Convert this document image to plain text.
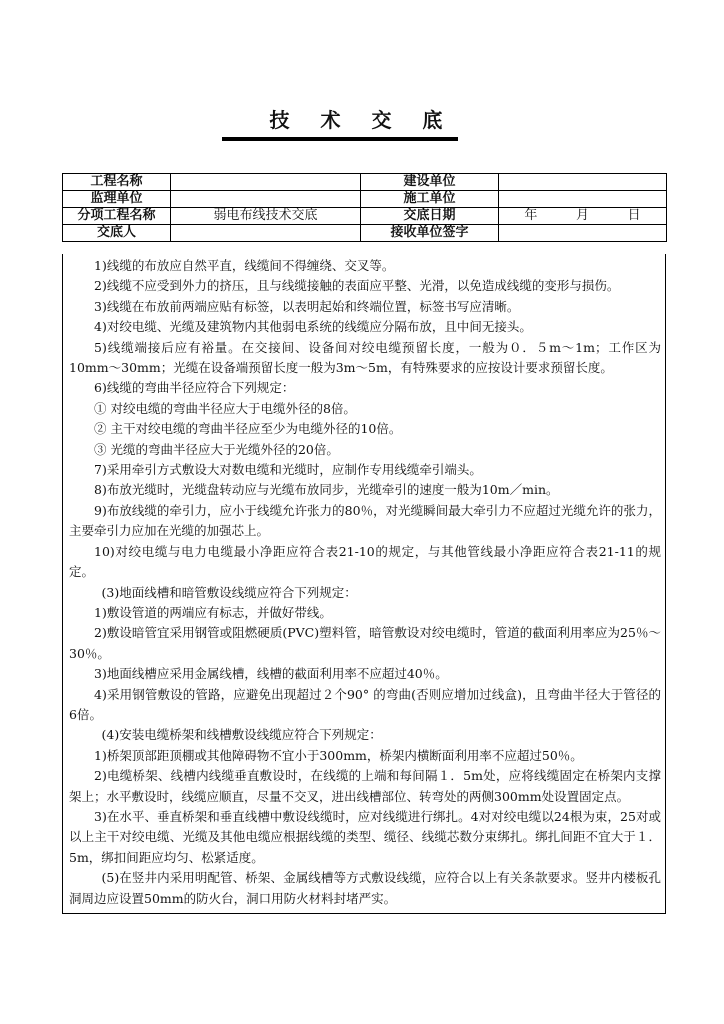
技 术 交 底
工程名称		建设单位	
监理单位		施工单位	
分项工程名称	弱电布线技术交底	交底日期	年 月 日

交底人		接收单位签字	

1)线缆的布放应自然平直，线缆间不得缠绕、交叉等。

2)线缆不应受到外力的挤压，且与线缆接触的表面应平整、光滑，以免造成线缆的变形与损伤。

3)线缆在布放前两端应贴有标签，以表明起始和终端位置，标签书写应清晰。

4)对绞电缆、光缆及建筑物内其他弱电系统的线缆应分隔布放，且中间无接头。

5)线缆端接后应有裕量。在交接间、设备间对绞电缆预留长度，一般为０．５m～1m；工作区为10mm～30mm；光缆在设备端预留长度一般为3m～5m，有特殊要求的应按设计要求预留长度。

6)线缆的弯曲半径应符合下列规定：

① 对绞电缆的弯曲半径应大于电缆外径的8倍。

② 主干对绞电缆的弯曲半径应至少为电缆外径的10倍。

③ 光缆的弯曲半径应大于光缆外径的20倍。

7)采用牵引方式敷设大对数电缆和光缆时，应制作专用线缆牵引端头。

8)布放光缆时，光缆盘转动应与光缆布放同步，光缆牵引的速度一般为10m／min。

9)布放线缆的牵引力，应小于线缆允许张力的80％，对光缆瞬间最大牵引力不应超过光缆允许的张力，主要牵引力应加在光缆的加强芯上。

10)对绞电缆与电力电缆最小净距应符合表21-10的规定，与其他管线最小净距应符合表21-11的规定。

(3)地面线槽和暗管敷设线缆应符合下列规定：

1)敷设管道的两端应有标志，并做好带线。

2)敷设暗管宜采用钢管或阻燃硬质(PVC)塑料管，暗管敷设对绞电缆时，管道的截面利用率应为25％～30％。

3)地面线槽应采用金属线槽，线槽的截面利用率不应超过40％。

4)采用钢管敷设的管路，应避免出现超过２个90° 的弯曲(否则应增加过线盒)，且弯曲半径大于管径的6倍。

(4)安装电缆桥架和线槽敷设线缆应符合下列规定：

1)桥架顶部距顶棚或其他障碍物不宜小于300mm，桥架内横断面利用率不应超过50％。

2)电缆桥架、线槽内线缆垂直敷设时，在线缆的上端和每间隔１．5m处，应将线缆固定在桥架内支撑架上；水平敷设时，线缆应顺直，尽量不交叉，进出线槽部位、转弯处的两侧300mm处设置固定点。

3)在水平、垂直桥架和垂直线槽中敷设线缆时，应对线缆进行绑扎。4对对绞电缆以24根为束，25对或以上主干对绞电缆、光缆及其他电缆应根据线缆的类型、缆径、线缆芯数分束绑扎。绑扎间距不宜大于１．5m，绑扣间距应均匀、松紧适度。

(5)在竖井内采用明配管、桥架、金属线槽等方式敷设线缆，应符合以上有关条款要求。竖井内楼板孔洞周边应设置50mm的防火台，洞口用防火材料封堵严实。
